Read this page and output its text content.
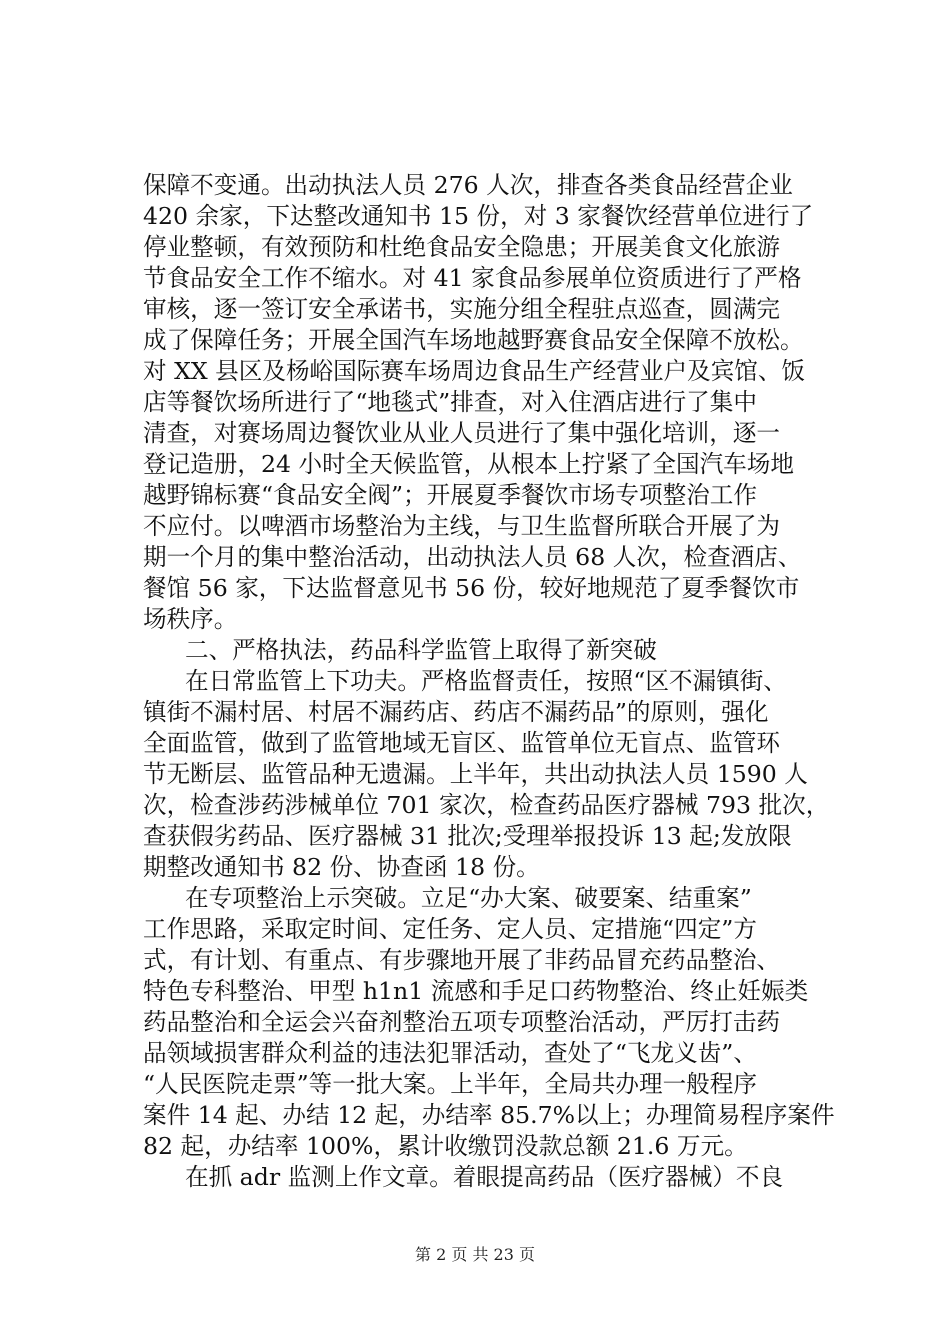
保障不变通。出动执法人员 276 人次，排查各类食品经营企业
420 余家，下达整改通知书 15 份，对 3 家餐饮经营单位进行了
停业整顿，有效预防和杜绝食品安全隐患；开展美食文化旅游
节食品安全工作不缩水。对 41 家食品参展单位资质进行了严格
审核，逐一签订安全承诺书，实施分组全程驻点巡查，圆满完
成了保障任务；开展全国汽车场地越野赛食品安全保障不放松。
对 XX 县区及杨峪国际赛车场周边食品生产经营业户及宾馆、饭
店等餐饮场所进行了“地毯式”排查，对入住酒店进行了集中
清查，对赛场周边餐饮业从业人员进行了集中强化培训，逐一
登记造册，24 小时全天候监管，从根本上拧紧了全国汽车场地
越野锦标赛“食品安全阀”；开展夏季餐饮市场专项整治工作
不应付。以啤酒市场整治为主线，与卫生监督所联合开展了为
期一个月的集中整治活动，出动执法人员 68 人次，检查酒店、
餐馆 56 家，下达监督意见书 56 份，较好地规范了夏季餐饮市
场秩序。
二、严格执法，药品科学监管上取得了新突破
在日常监管上下功夫。严格监督责任，按照“区不漏镇街、
镇街不漏村居、村居不漏药店、药店不漏药品”的原则，强化
全面监管，做到了监管地域无盲区、监管单位无盲点、监管环
节无断层、监管品种无遗漏。上半年，共出动执法人员 1590 人
次，检查涉药涉械单位 701 家次，检查药品医疗器械 793 批次，
查获假劣药品、医疗器械 31 批次;受理举报投诉 13 起;发放限
期整改通知书 82 份、协查函 18 份。
在专项整治上示突破。立足“办大案、破要案、结重案”
工作思路，采取定时间、定任务、定人员、定措施“四定”方
式，有计划、有重点、有步骤地开展了非药品冒充药品整治、
特色专科整治、甲型 h1n1 流感和手足口药物整治、终止妊娠类
药品整治和全运会兴奋剂整治五项专项整治活动，严厉打击药
品领域损害群众利益的违法犯罪活动，查处了“飞龙义齿”、
“人民医院走票”等一批大案。上半年，全局共办理一般程序
案件 14 起、办结 12 起，办结率 85.7%以上；办理简易程序案件
82 起，办结率 100%，累计收缴罚没款总额 21.6 万元。
在抓 adr 监测上作文章。着眼提高药品（医疗器械）不良
第 2 页 共 23 页
